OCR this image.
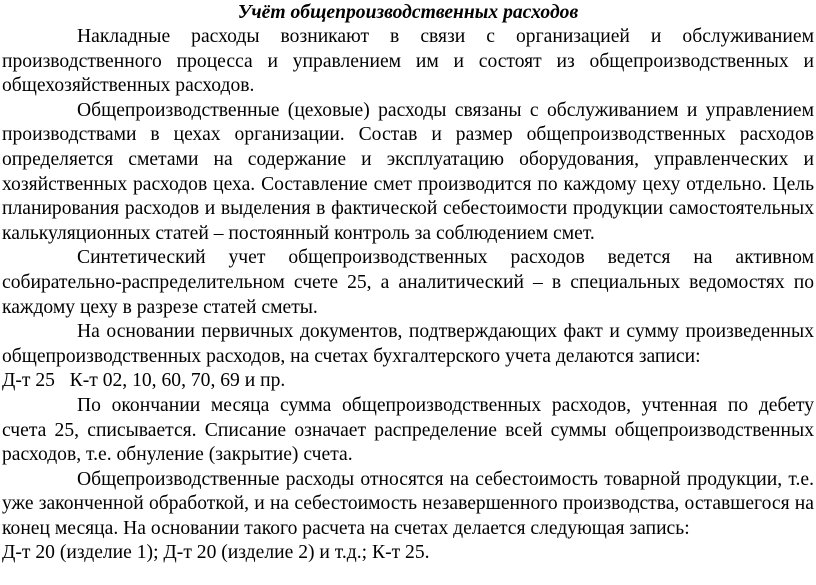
Учёт общепроизводственных расходов

Накладные расходы возникают в связи с организацией и обслуживанием производственного процесса и управлением им и состоят из общепроизводственных и общехозяйственных расходов.

Общепроизводственные (цеховые) расходы связаны с обслуживанием и управлением производствами в цехах организации. Состав и размер общепроизводственных расходов определяется сметами на содержание и эксплуатацию оборудования, управленческих и хозяйственных расходов цеха. Составление смет производится по каждому цеху отдельно. Цель планирования расходов и выделения в фактической себестоимости продукции самостоятельных калькуляционных статей – постоянный контроль за соблюдением смет.

Синтетический учет общепроизводственных расходов ведется на активном собирательно-распределительном счете 25, а аналитический – в специальных ведомостях по каждому цеху в разрезе статей сметы.

На основании первичных документов, подтверждающих факт и сумму произведенных общепроизводственных расходов, на счетах бухгалтерского учета делаются записи:

Д-т 25   К-т 02, 10, 60, 70, 69 и пр.

По окончании месяца сумма общепроизводственных расходов, учтенная по дебету счета 25, списывается. Списание означает распределение всей суммы общепроизводственных расходов, т.е. обнуление (закрытие) счета.

Общепроизводственные расходы относятся на себестоимость товарной продукции, т.е. уже законченной обработкой, и на себестоимость незавершенного производства, оставшегося на конец месяца. На основании такого расчета на счетах делается следующая запись:

Д-т 20 (изделие 1); Д-т 20 (изделие 2) и т.д.; К-т 25.
